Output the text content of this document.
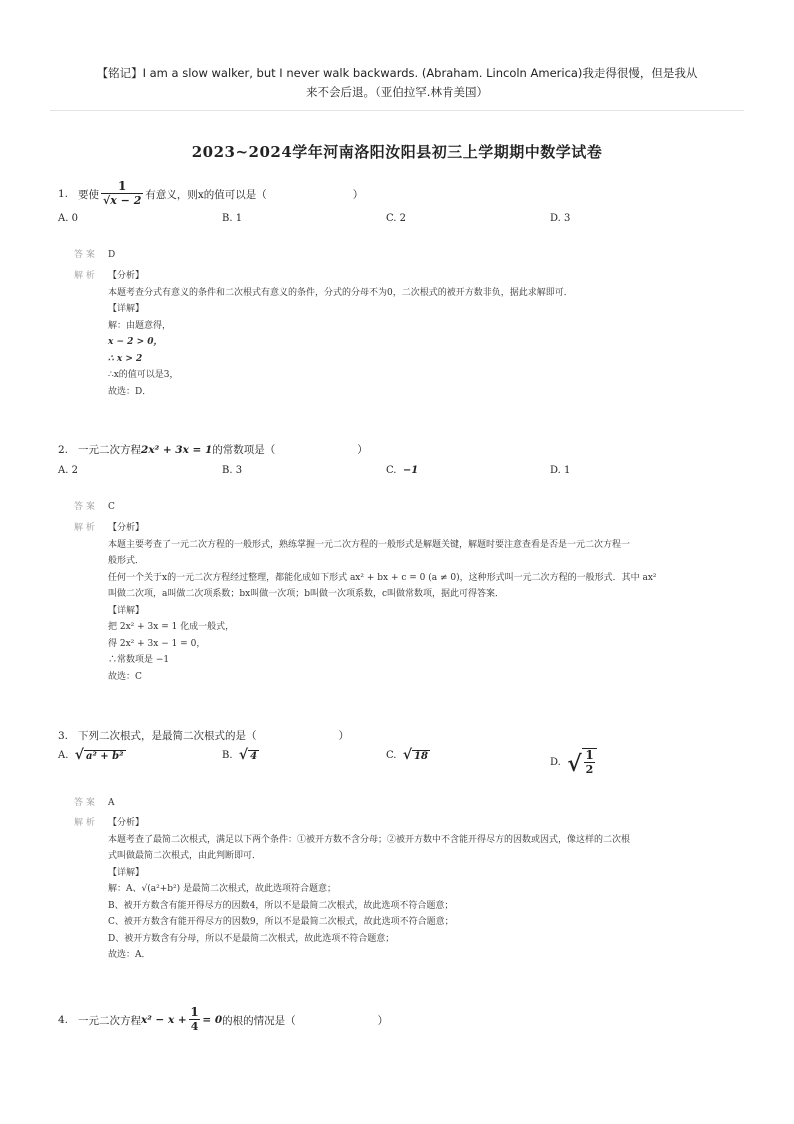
【铭记】I am a slow walker, but I never walk backwards. (Abraham. Lincoln America)我走得很慢，但是我从
来不会后退。（亚伯拉罕.林肯美国）
2023~2024学年河南洛阳汝阳县初三上学期期中数学试卷
1. 要使 $\frac{1}{√x - 2}$ 有意义，则x的值可以是（	）
A.
0	B.
1	C.
2	D.
3
答 案 D
解 析 【分析】

本题考查分式有意义的条件和二次根式有意义的条件，分式的分母不为0，二次根式的被开方数非负，据此求解即可．

【详解】

解：由题意得，

x − 2 > 0，

∴ x > 2

∴x的值可以是3，

故选：D．

2. 一元二次方程 2x² + 3x = 1 的常数项是（	）
A.
2	B.
3	C.
−1	D.
1
答 案 C
解 析 【分析】

本题主要考查了一元二次方程的一般形式，熟练掌握一元二次方程的一般形式是解题关键，解题时要注意查看是否是一元二次方程一

般形式．

任何一个关于x的一元二次方程经过整理，都能化成如下形式 ax² + bx + c = 0 (a ≠ 0)，这种形式叫一元二次方程的一般形式．其中 ax²

叫做二次项，a叫做二次项系数；bx叫做一次项；b叫做一次项系数，c叫做常数项，据此可得答案．

【详解】

把 2x² + 3x = 1 化成一般式，

得 2x² + 3x − 1 = 0，

∴常数项是 −1

故选：C

3. 下列二次根式，是最简二次根式的是（	）
A.
√ a² + b²	B.
√ 4	C.
√ 18
D.
√ $\frac{1}{2}$
答 案 A
解 析 【分析】

本题考查了最简二次根式，满足以下两个条件：①被开方数不含分母；②被开方数中不含能开得尽方的因数或因式，像这样的二次根

式叫做最简二次根式，由此判断即可．

【详解】

解：A、√(a²+b²) 是最简二次根式，故此选项符合题意；

B、被开方数含有能开得尽方的因数4，所以不是最简二次根式，故此选项不符合题意；

C、被开方数含有能开得尽方的因数9，所以不是最简二次根式，故此选项不符合题意；

D、被开方数含有分母，所以不是最简二次根式，故此选项不符合题意；

故选：A．

4. 一元二次方程 $x^2 - x + \frac{1}{4} = 0$ 的根的情况是（	）
